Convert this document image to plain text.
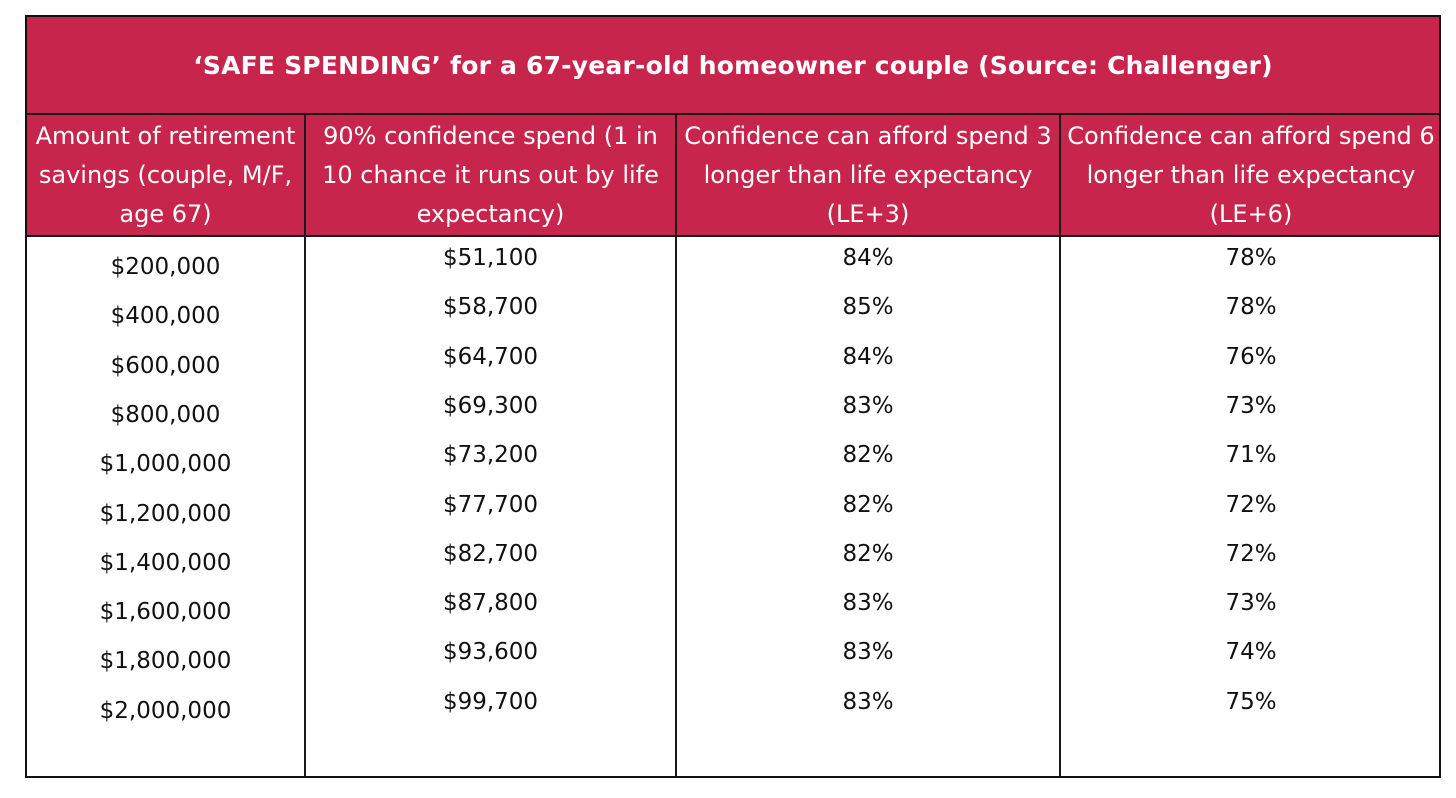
‘SAFE SPENDING’ for a 67-year-old homeowner couple (Source: Challenger)
Amount of retirement savings (couple, M/F, age 67)
90% confidence spend (1 in 10 chance it runs out by life expectancy)
Confidence can afford spend 3 longer than life expectancy (LE+3)
Confidence can afford spend 6 longer than life expectancy (LE+6)
$200,000
$400,000
$600,000
$800,000
$1,000,000
$1,200,000
$1,400,000
$1,600,000
$1,800,000
$2,000,000
$51,100
$58,700
$64,700
$69,300
$73,200
$77,700
$82,700
$87,800
$93,600
$99,700
84%
85%
84%
83%
82%
82%
82%
83%
83%
83%
78%
78%
76%
73%
71%
72%
72%
73%
74%
75%
